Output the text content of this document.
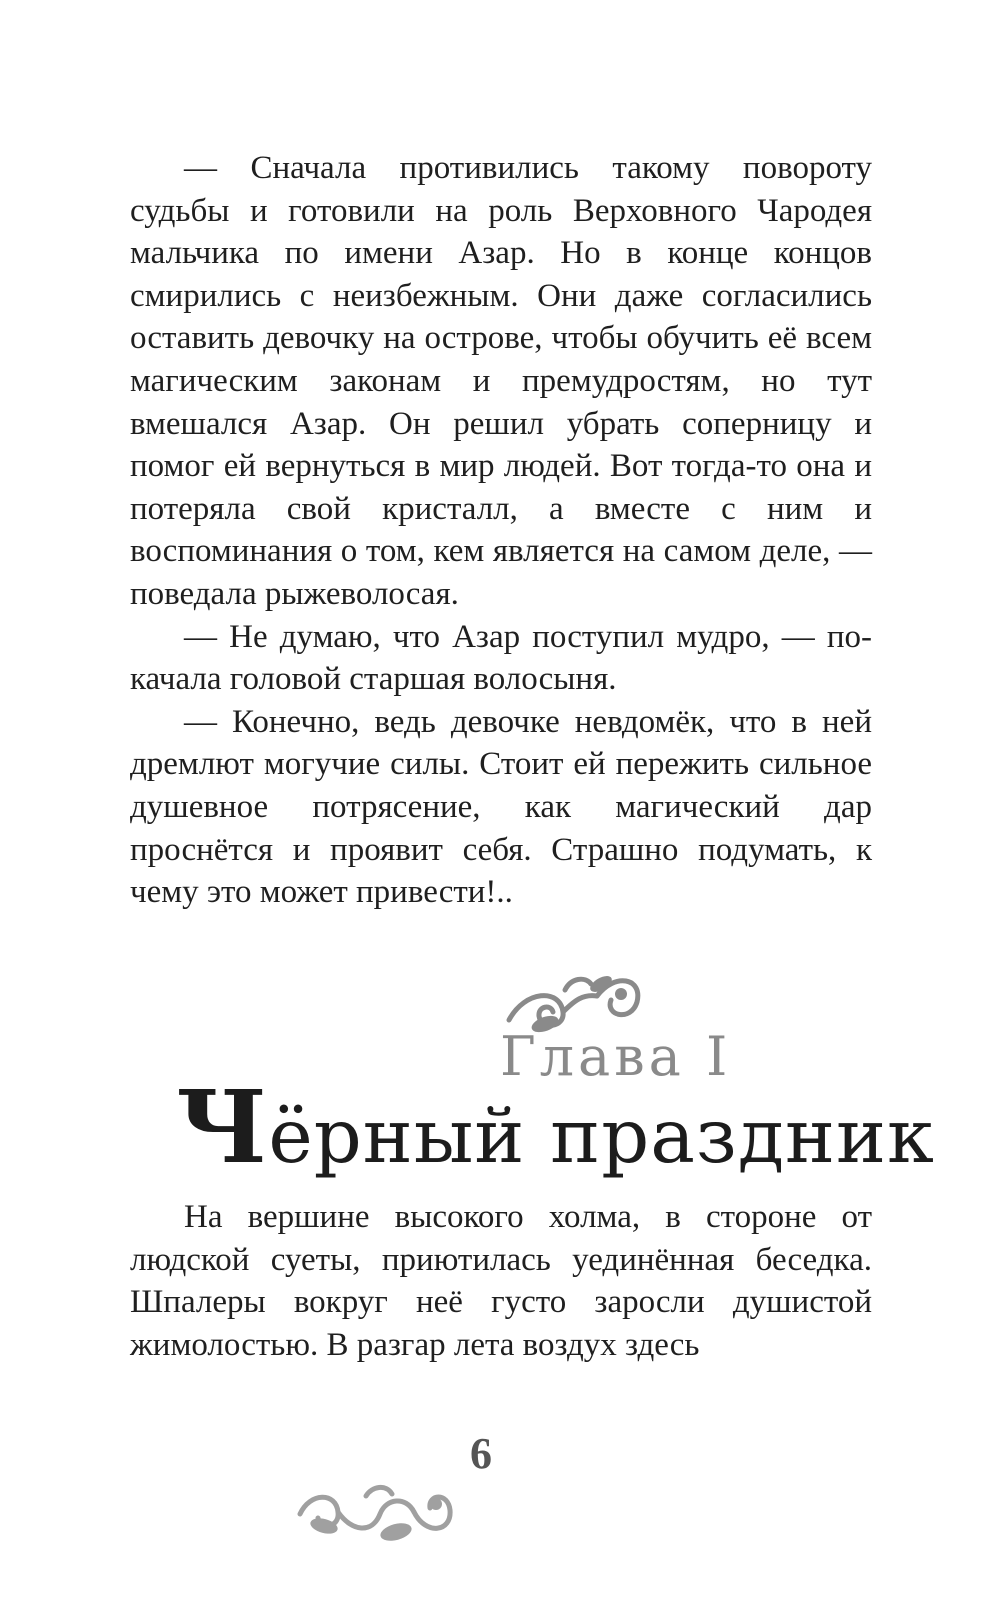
— Сначала противились такому повороту судьбы и готовили на роль Верховного Чародея мальчика по имени Азар. Но в конце концов смирились с неизбежным. Они даже согласились оставить девочку на острове, чтобы обучить её всем магическим законам и премудростям, но тут вмешался Азар. Он решил убрать соперницу и помог ей вернуться в мир людей. Вот тогда-то она и потеряла свой кристалл, а вместе с ним и воспоминания о том, кем является на самом деле, — поведала рыжеволосая.

— Не думаю, что Азар поступил мудро, — покачала головой старшая волосыня.

— Конечно, ведь девочке невдомёк, что в ней дремлют могучие силы. Стоит ей пережить сильное душевное потрясение, как магический дар проснётся и проявит себя. Страшно подумать, к чему это может привести!..

Глава I
Чёрный праздник

На вершине высокого холма, в стороне от людской суеты, приютилась уединённая беседка. Шпалеры вокруг неё густо заросли душистой жимолостью. В разгар лета воздух здесь

6
